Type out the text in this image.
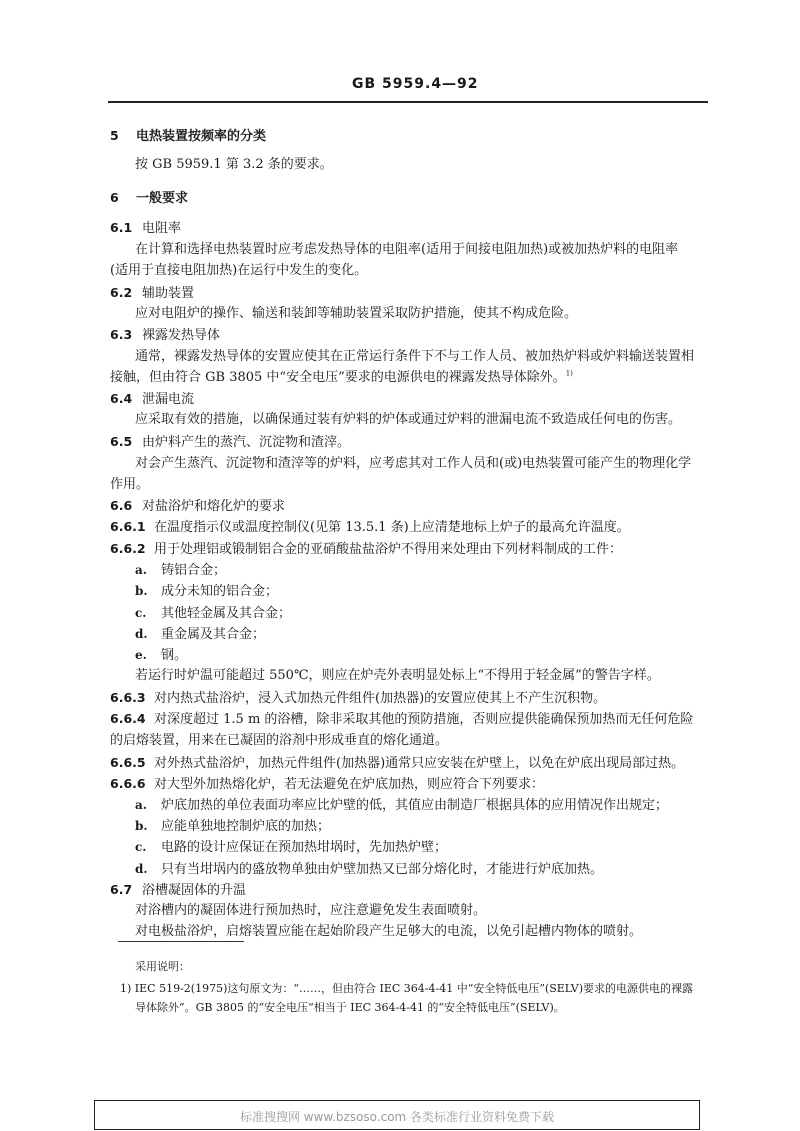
GB 5959.4—92
5 电热装置按频率的分类
按 GB 5959.1 第 3.2 条的要求。
6 一般要求
6.1 电阻率
在计算和选择电热装置时应考虑发热导体的电阻率(适用于间接电阻加热)或被加热炉料的电阻率
(适用于直接电阻加热)在运行中发生的变化。
6.2 辅助装置
应对电阻炉的操作、输送和装卸等辅助装置采取防护措施，使其不构成危险。
6.3 裸露发热导体
通常，裸露发热导体的安置应使其在正常运行条件下不与工作人员、被加热炉料或炉料输送装置相
接触，但由符合 GB 3805 中“安全电压”要求的电源供电的裸露发热导体除外。$^{1)}$
6.4 泄漏电流
应采取有效的措施，以确保通过装有炉料的炉体或通过炉料的泄漏电流不致造成任何电的伤害。
6.5 由炉料产生的蒸汽、沉淀物和渣滓。
对会产生蒸汽、沉淀物和渣滓等的炉料，应考虑其对工作人员和(或)电热装置可能产生的物理化学
作用。
6.6 对盐浴炉和熔化炉的要求
6.6.1 在温度指示仪或温度控制仪(见第 13.5.1 条)上应清楚地标上炉子的最高允许温度。
6.6.2 用于处理铝或锻制铝合金的亚硝酸盐盐浴炉不得用来处理由下列材料制成的工件：
a. 铸铝合金；
b. 成分未知的铝合金；
c. 其他轻金属及其合金；
d. 重金属及其合金；
e. 钢。
若运行时炉温可能超过 550℃，则应在炉壳外表明显处标上“不得用于轻金属”的警告字样。
6.6.3 对内热式盐浴炉，浸入式加热元件组件(加热器)的安置应使其上不产生沉积物。
6.6.4 对深度超过 1.5 m 的浴槽，除非采取其他的预防措施，否则应提供能确保预加热而无任何危险
的启熔装置，用来在已凝固的浴剂中形成垂直的熔化通道。
6.6.5 对外热式盐浴炉，加热元件组件(加热器)通常只应安装在炉壁上，以免在炉底出现局部过热。
6.6.6 对大型外加热熔化炉，若无法避免在炉底加热，则应符合下列要求：
a. 炉底加热的单位表面功率应比炉壁的低，其值应由制造厂根据具体的应用情况作出规定；
b. 应能单独地控制炉底的加热；
c. 电路的设计应保证在预加热坩埚时，先加热炉壁；
d. 只有当坩埚内的盛放物单独由炉壁加热又已部分熔化时，才能进行炉底加热。
6.7 浴槽凝固体的升温
对浴槽内的凝固体进行预加热时，应注意避免发生表面喷射。
对电极盐浴炉，启熔装置应能在起始阶段产生足够大的电流，以免引起槽内物体的喷射。
采用说明：
1) IEC 519-2(1975)这句原文为：“……，但由符合 IEC 364-4-41 中“安全特低电压”(SELV)要求的电源供电的裸露
导体除外”。GB 3805 的“安全电压”相当于 IEC 364-4-41 的“安全特低电压”(SELV)。
标准搜搜网 www.bzsoso.com 各类标准行业资料免费下载
